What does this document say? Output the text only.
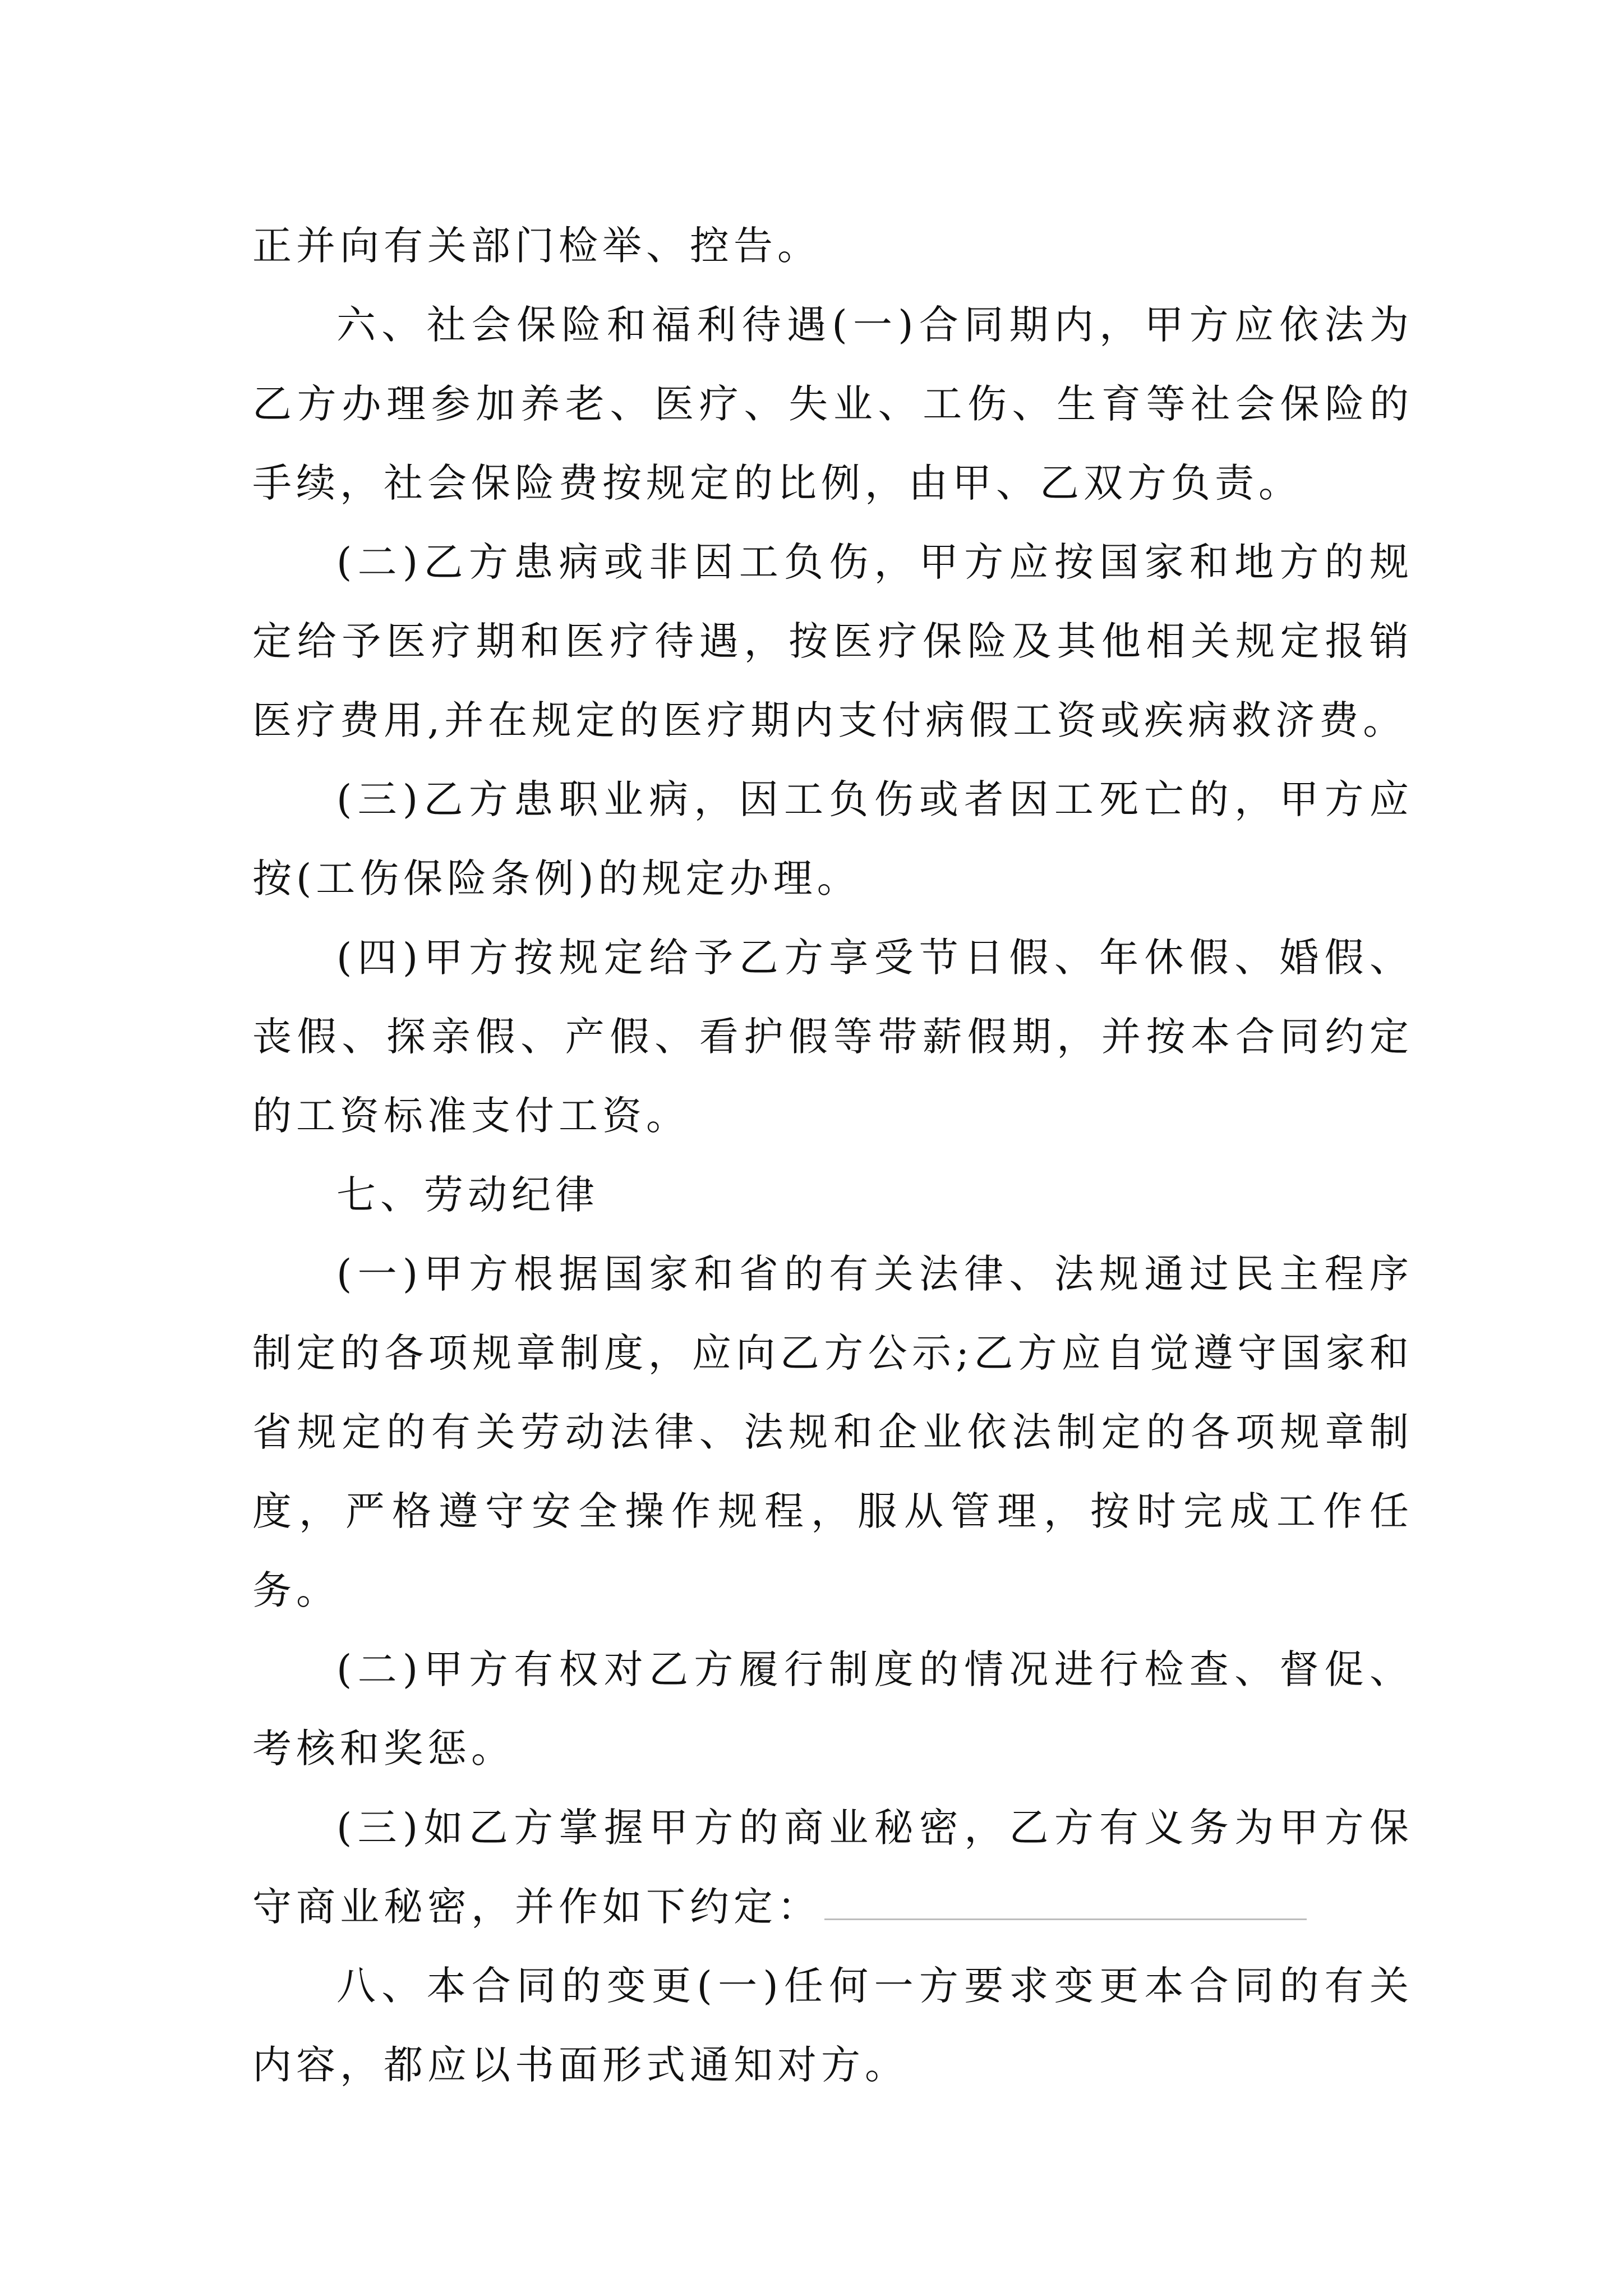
正并向有关部门检举、控告。

六、社会保险和福利待遇(一)合同期内，甲方应依法为乙方办理参加养老、医疗、失业、工伤、生育等社会保险的手续，社会保险费按规定的比例，由甲、乙双方负责。

(二)乙方患病或非因工负伤，甲方应按国家和地方的规定给予医疗期和医疗待遇，按医疗保险及其他相关规定报销医疗费用,并在规定的医疗期内支付病假工资或疾病救济费。

(三)乙方患职业病，因工负伤或者因工死亡的，甲方应按(工伤保险条例)的规定办理。

(四)甲方按规定给予乙方享受节日假、年休假、婚假、丧假、探亲假、产假、看护假等带薪假期，并按本合同约定的工资标准支付工资。

七、劳动纪律

(一)甲方根据国家和省的有关法律、法规通过民主程序制定的各项规章制度，应向乙方公示;乙方应自觉遵守国家和省规定的有关劳动法律、法规和企业依法制定的各项规章制度，严格遵守安全操作规程，服从管理，按时完成工作任务。

(二)甲方有权对乙方履行制度的情况进行检查、督促、考核和奖惩。

(三)如乙方掌握甲方的商业秘密，乙方有义务为甲方保守商业秘密，并作如下约定：

八、本合同的变更(一)任何一方要求变更本合同的有关内容，都应以书面形式通知对方。
